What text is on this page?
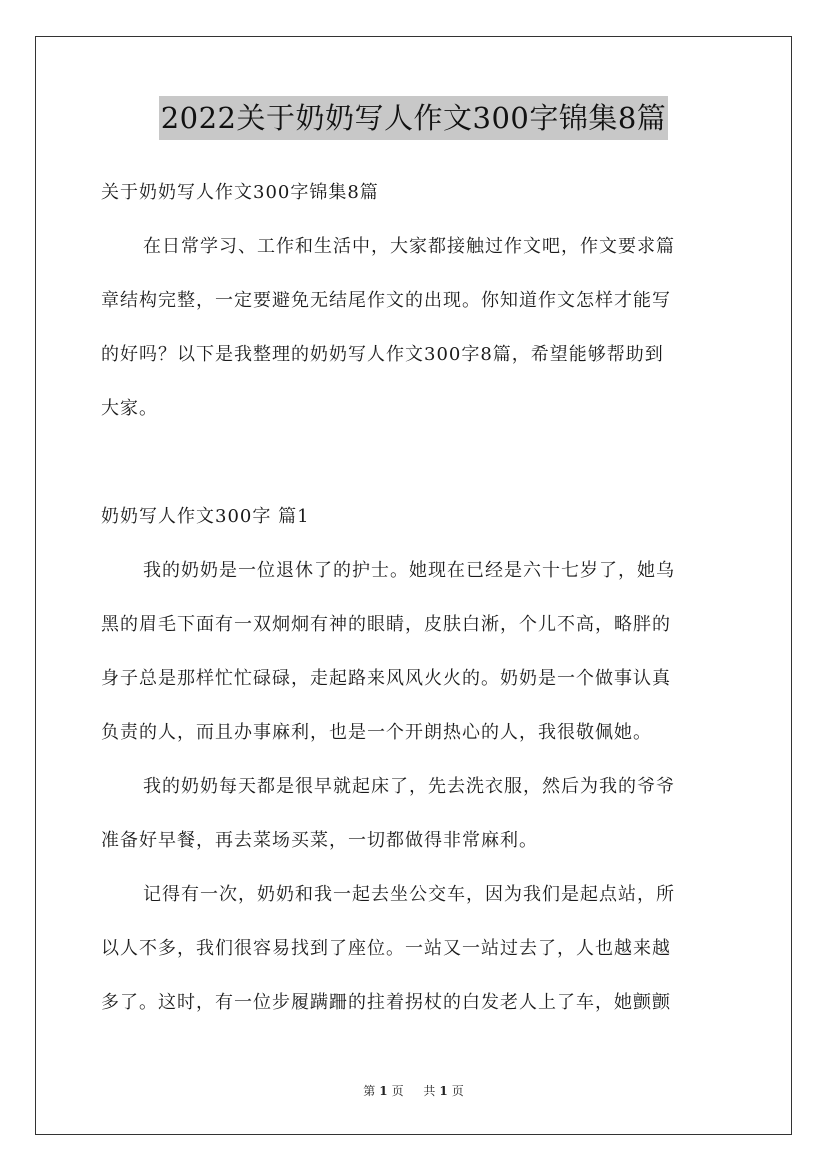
2022关于奶奶写人作文300字锦集8篇
关于奶奶写人作文300字锦集8篇
在日常学习、工作和生活中，大家都接触过作文吧，作文要求篇
章结构完整，一定要避免无结尾作文的出现。你知道作文怎样才能写
的好吗？以下是我整理的奶奶写人作文300字8篇，希望能够帮助到
大家。
奶奶写人作文300字 篇1
我的奶奶是一位退休了的护士。她现在已经是六十七岁了，她乌
黑的眉毛下面有一双炯炯有神的眼睛，皮肤白淅，个儿不高，略胖的
身子总是那样忙忙碌碌，走起路来风风火火的。奶奶是一个做事认真
负责的人，而且办事麻利，也是一个开朗热心的人，我很敬佩她。
我的奶奶每天都是很早就起床了，先去洗衣服，然后为我的爷爷
准备好早餐，再去菜场买菜，一切都做得非常麻利。
记得有一次，奶奶和我一起去坐公交车，因为我们是起点站，所
以人不多，我们很容易找到了座位。一站又一站过去了，人也越来越
多了。这时，有一位步履蹒跚的拄着拐杖的白发老人上了车，她颤颤
第 1 页 共 1 页
